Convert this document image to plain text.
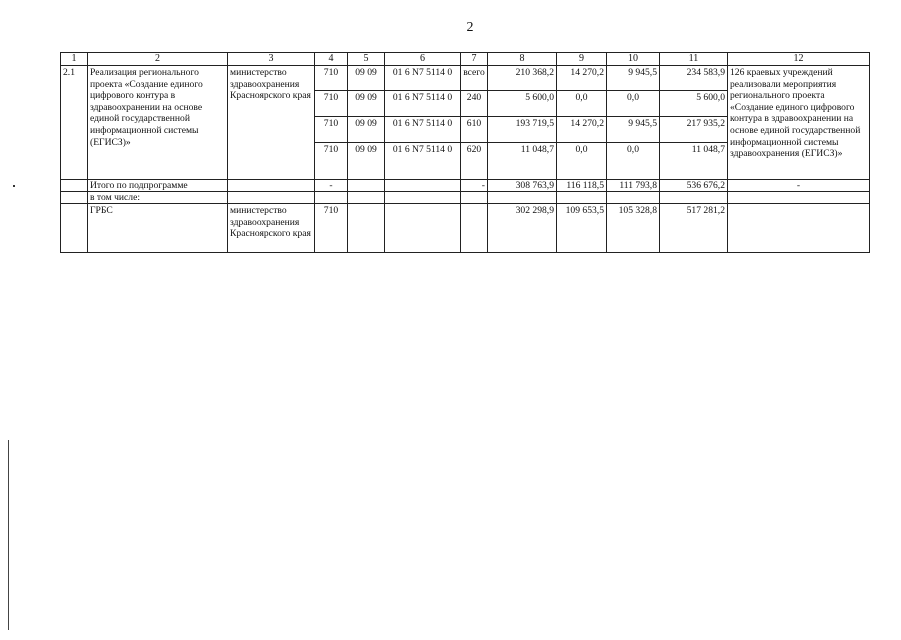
2
1	2	3	4	5	6	7	8	9	10	11	12
2.1	Реализация регионального проекта «Создание единого цифрового контура в здравоохранении на основе единой государственной информационной системы (ЕГИСЗ)»	министерство здравоохранения Красноярского края	710	09 09	01 6 N7 5114 0	всего	210 368,2	14 270,2	9 945,5	234 583,9	126 краевых учреждений реализовали мероприятия регионального проекта «Создание единого цифрового контура в здравоохранении на основе единой государственной информационной системы здравоохранения (ЕГИСЗ)»
			710	09 09	01 6 N7 5114 0	240	5 600,0	0,0	0,0	5 600,0	
			710	09 09	01 6 N7 5114 0	610	193 719,5	14 270,2	9 945,5	217 935,2	
			710	09 09	01 6 N7 5114 0	620	11 048,7	0,0	0,0	11 048,7	
	Итого по подпрограмме		-			-	308 763,9	116 118,5	111 793,8	536 676,2	-
	в том числе:										
	ГРБС	министерство здравоохранения Красноярского края	710				302 298,9	109 653,5	105 328,8	517 281,2	
